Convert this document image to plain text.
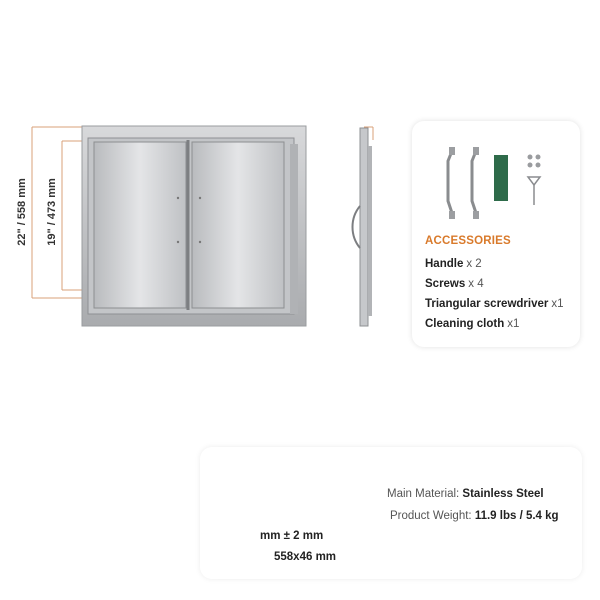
22" / 558 mm 19" / 473 mm	ACCESSORIES
Handle x 2
Screws x 4
Triangular screwdriver x1
Cleaning cloth x1
Main Material: Stainless Steel
Product Weight: 11.9 lbs / 5.4 kg
mm ± 2 mm
558x46 mm
